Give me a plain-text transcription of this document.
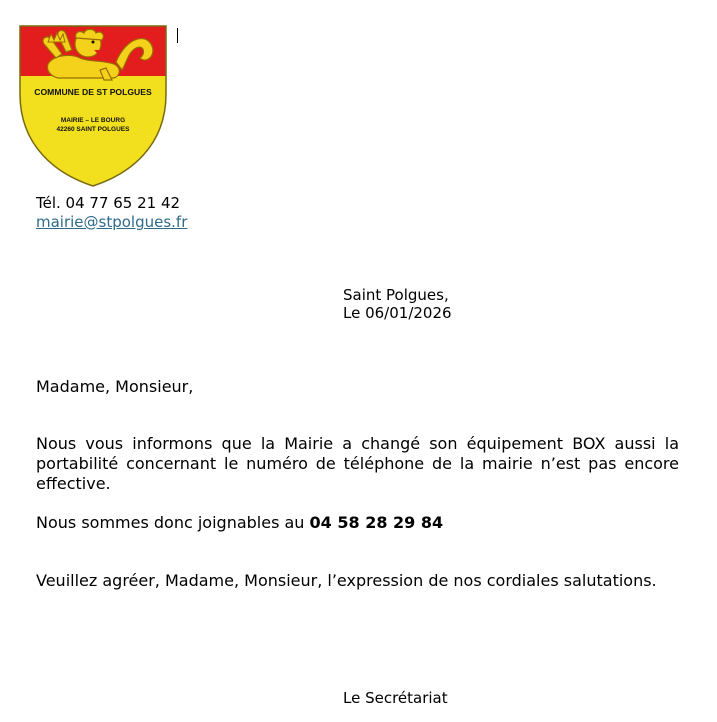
COMMUNE DE ST POLGUES
MAIRIE – LE BOURG
42260 SAINT POLGUES
Tél. 04 77 65 21 42
mairie@stpolgues.fr
Saint Polgues,
Le 06/01/2026
Madame, Monsieur,
Nous vous informons que la Mairie a changé son équipement BOX aussi la portabilité concernant le numéro de téléphone de la mairie n’est pas encore effective.
Nous sommes donc joignables au 04 58 28 29 84
Veuillez agréer, Madame, Monsieur, l’expression de nos cordiales salutations.
Le Secrétariat
